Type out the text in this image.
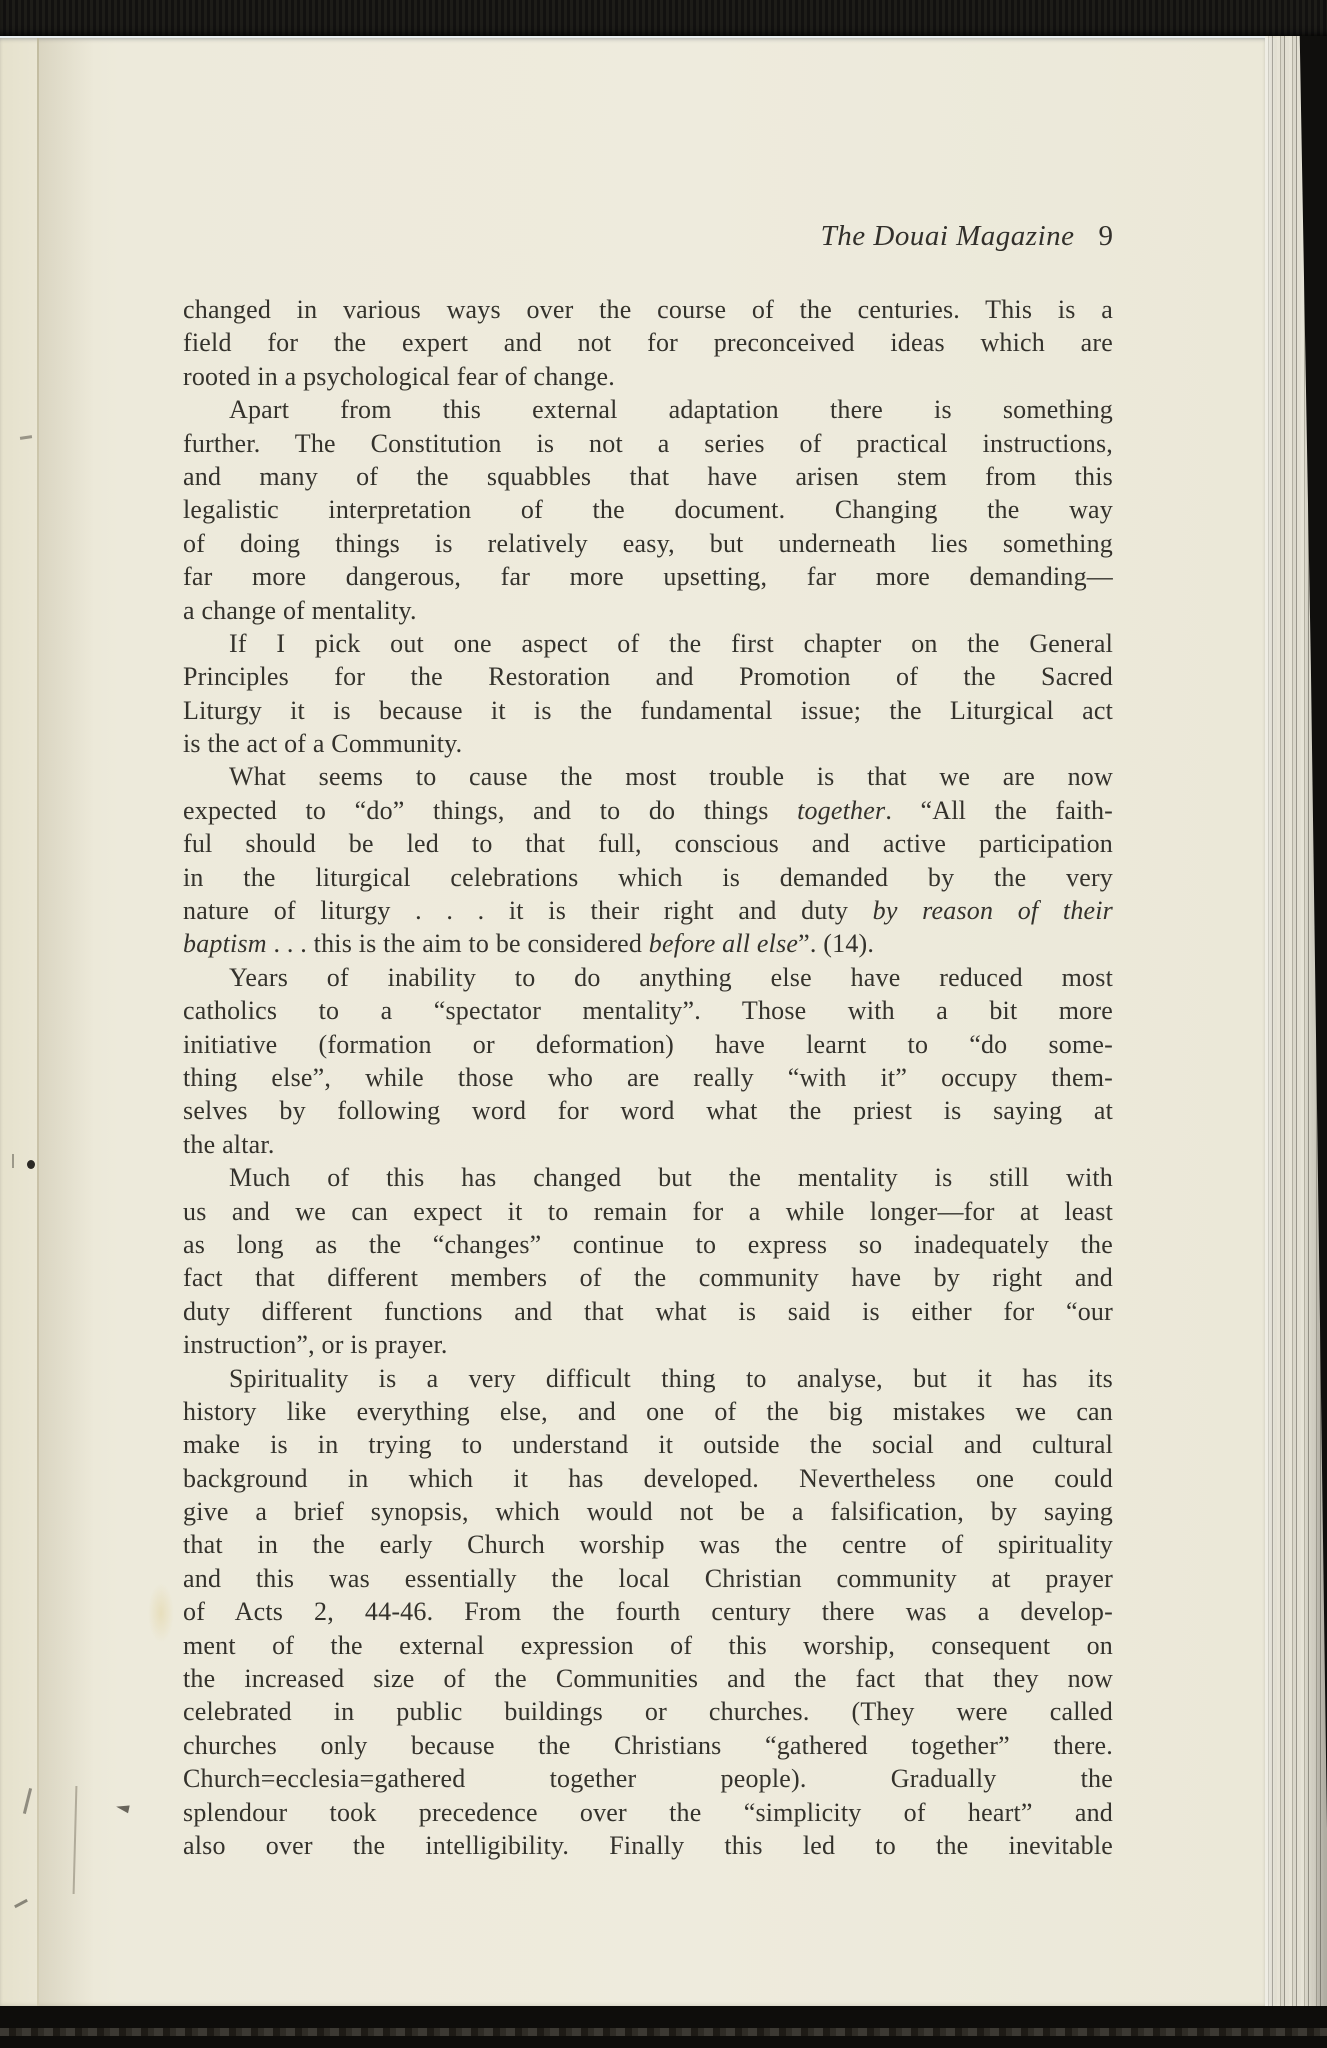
The Douai Magazine 9
changed in various ways over the course of the centuries. This is a
field for the expert and not for preconceived ideas which are
rooted in a psychological fear of change.
Apart from this external adaptation there is something
further. The Constitution is not a series of practical instructions,
and many of the squabbles that have arisen stem from this
legalistic interpretation of the document. Changing the way
of doing things is relatively easy, but underneath lies something
far more dangerous, far more upsetting, far more demanding—
a change of mentality.
If I pick out one aspect of the first chapter on the General
Principles for the Restoration and Promotion of the Sacred
Liturgy it is because it is the fundamental issue; the Liturgical act
is the act of a Community.
What seems to cause the most trouble is that we are now
expected to “do” things, and to do things together. “All the faith-
ful should be led to that full, conscious and active participation
in the liturgical celebrations which is demanded by the very
nature of liturgy . . . it is their right and duty by reason of their
baptism . . . this is the aim to be considered before all else”. (14).
Years of inability to do anything else have reduced most
catholics to a “spectator mentality”. Those with a bit more
initiative (formation or deformation) have learnt to “do some-
thing else”, while those who are really “with it” occupy them-
selves by following word for word what the priest is saying at
the altar.
Much of this has changed but the mentality is still with
us and we can expect it to remain for a while longer—for at least
as long as the “changes” continue to express so inadequately the
fact that different members of the community have by right and
duty different functions and that what is said is either for “our
instruction”, or is prayer.
Spirituality is a very difficult thing to analyse, but it has its
history like everything else, and one of the big mistakes we can
make is in trying to understand it outside the social and cultural
background in which it has developed. Nevertheless one could
give a brief synopsis, which would not be a falsification, by saying
that in the early Church worship was the centre of spirituality
and this was essentially the local Christian community at prayer
of Acts 2, 44-46. From the fourth century there was a develop-
ment of the external expression of this worship, consequent on
the increased size of the Communities and the fact that they now
celebrated in public buildings or churches. (They were called
churches only because the Christians “gathered together” there.
Church=ecclesia=gathered together people). Gradually the
splendour took precedence over the “simplicity of heart” and
also over the intelligibility. Finally this led to the inevitable
